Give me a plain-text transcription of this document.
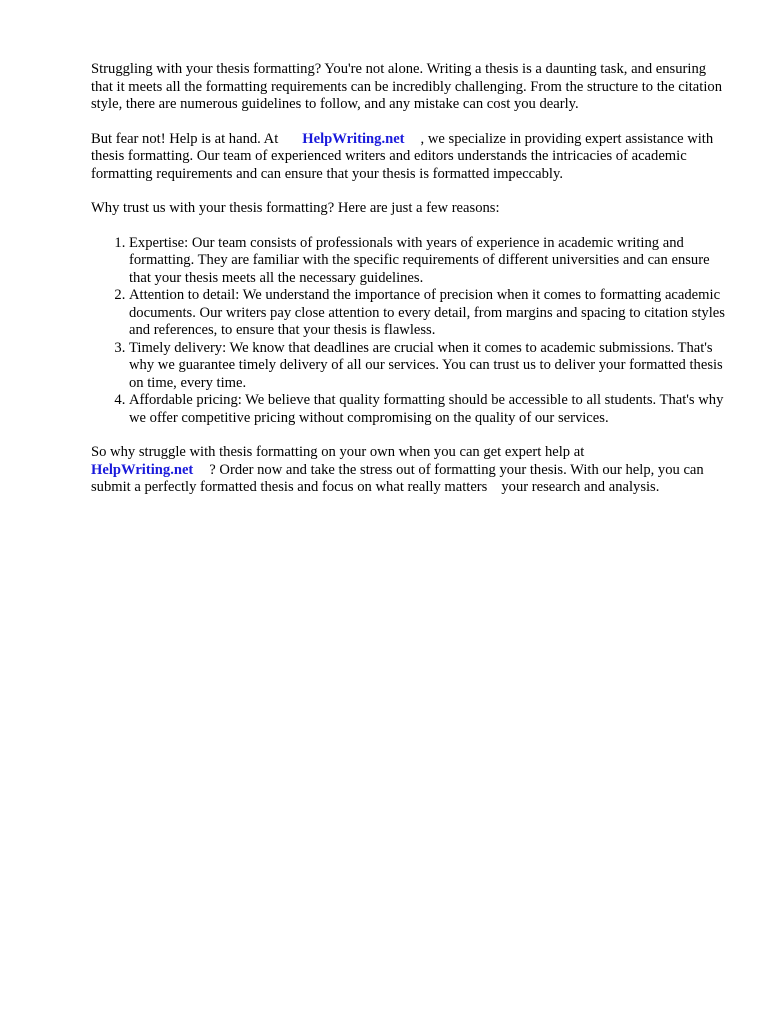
Struggling with your thesis formatting? You're not alone. Writing a thesis is a daunting task, and ensuring that it meets all the formatting requirements can be incredibly challenging. From the structure to the citation style, there are numerous guidelines to follow, and any mistake can cost you dearly.

But fear not! Help is at hand. At HelpWriting.net , we specialize in providing expert assistance with thesis formatting. Our team of experienced writers and editors understands the intricacies of academic formatting requirements and can ensure that your thesis is formatted impeccably.

Why trust us with your thesis formatting? Here are just a few reasons:

1. Expertise: Our team consists of professionals with years of experience in academic writing and formatting. They are familiar with the specific requirements of different universities and can ensure that your thesis meets all the necessary guidelines.
2. Attention to detail: We understand the importance of precision when it comes to formatting academic documents. Our writers pay close attention to every detail, from margins and spacing to citation styles and references, to ensure that your thesis is flawless.
3. Timely delivery: We know that deadlines are crucial when it comes to academic submissions. That's why we guarantee timely delivery of all our services. You can trust us to deliver your formatted thesis on time, every time.
4. Affordable pricing: We believe that quality formatting should be accessible to all students. That's why we offer competitive pricing without compromising on the quality of our services.

So why struggle with thesis formatting on your own when you can get expert help at
HelpWriting.net ? Order now and take the stress out of formatting your thesis. With our help, you can submit a perfectly formatted thesis and focus on what really matters your research and analysis.
